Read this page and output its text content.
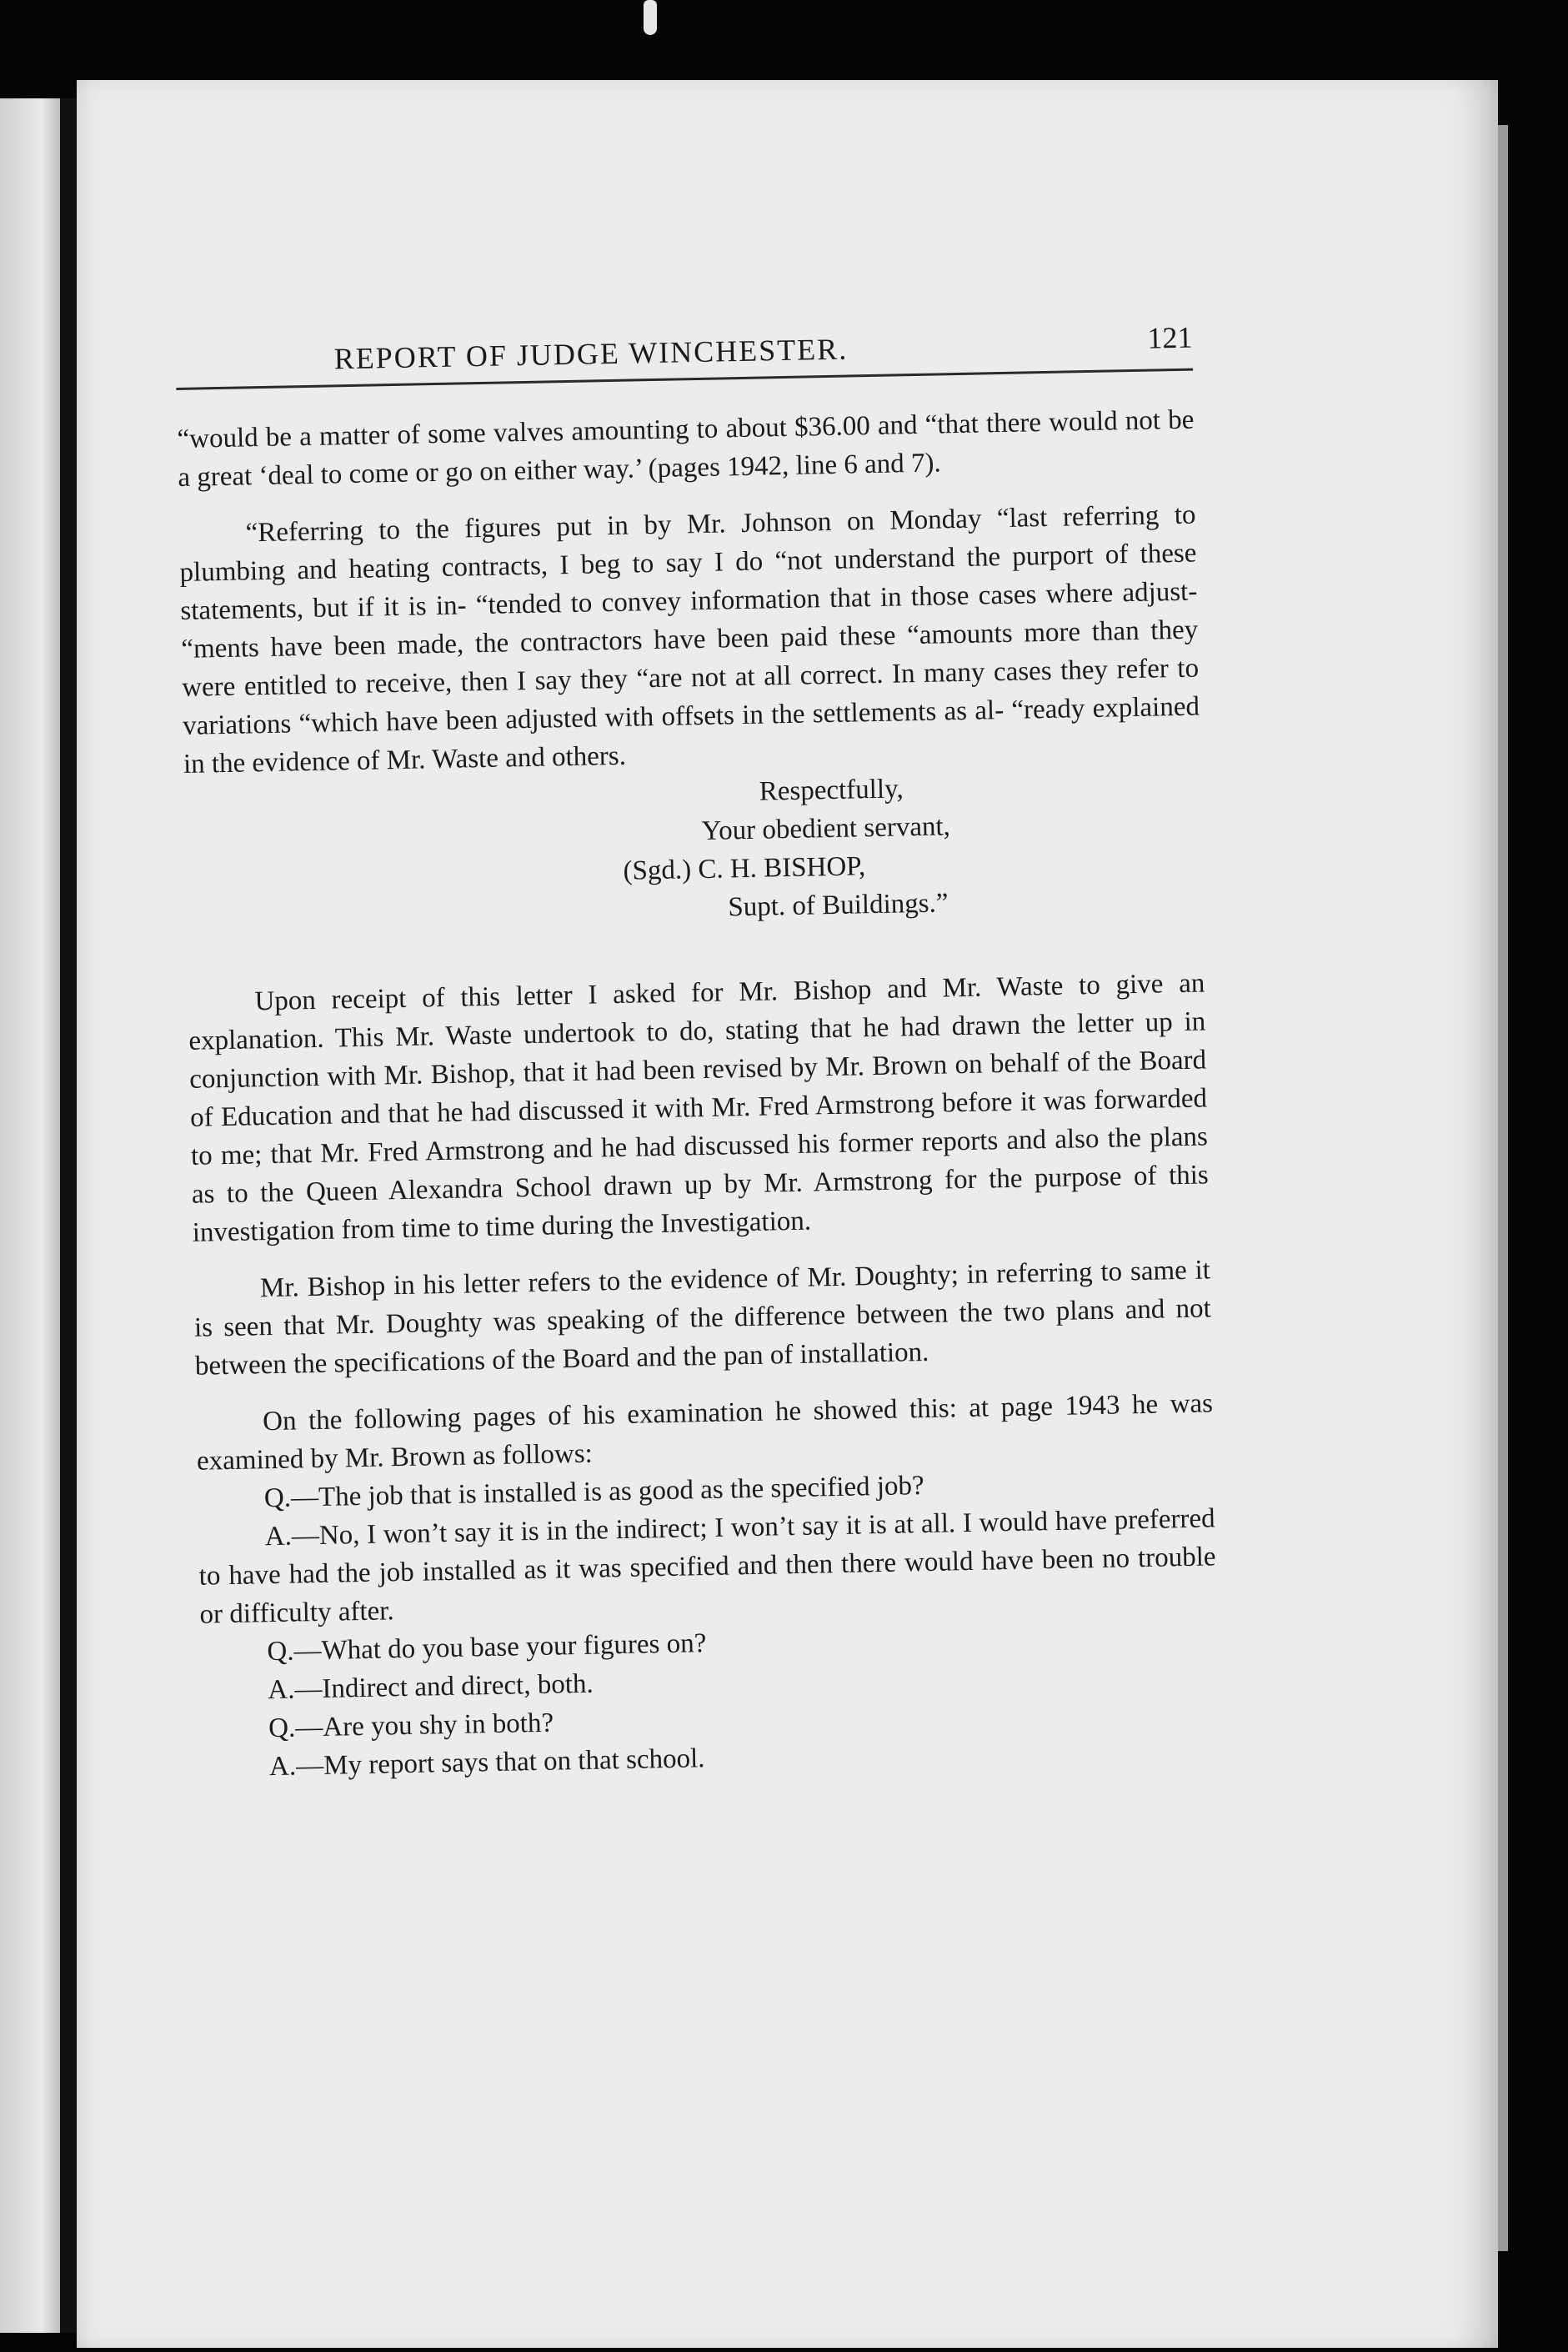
REPORT OF JUDGE WINCHESTER.	121

“would be a matter of some valves amounting to about $36.00 and “that there would not be a great ‘deal to come or go on either way.’ (pages 1942, line 6 and 7).

“Referring to the figures put in by Mr. Johnson on Monday “last referring to plumbing and heating contracts, I beg to say I do “not understand the purport of these statements, but if it is in- “tended to convey information that in those cases where adjust- “ments have been made, the contractors have been paid these “amounts more than they were entitled to receive, then I say they “are not at all correct. In many cases they refer to variations “which have been adjusted with offsets in the settlements as al- “ready explained in the evidence of Mr. Waste and others.

Respectfully,
Your obedient servant,
(Sgd.) C. H. BISHOP,
Supt. of Buildings.”

Upon receipt of this letter I asked for Mr. Bishop and Mr. Waste to give an explanation. This Mr. Waste undertook to do, stating that he had drawn the letter up in conjunction with Mr. Bishop, that it had been revised by Mr. Brown on behalf of the Board of Education and that he had discussed it with Mr. Fred Armstrong before it was forwarded to me; that Mr. Fred Armstrong and he had discussed his former reports and also the plans as to the Queen Alexandra School drawn up by Mr. Armstrong for the purpose of this investigation from time to time during the Investigation.

Mr. Bishop in his letter refers to the evidence of Mr. Doughty; in referring to same it is seen that Mr. Doughty was speaking of the difference between the two plans and not between the specifications of the Board and the pan of installation.

On the following pages of his examination he showed this: at page 1943 he was examined by Mr. Brown as follows:

Q.—The job that is installed is as good as the specified job?

A.—No, I won’t say it is in the indirect; I won’t say it is at all. I would have preferred to have had the job installed as it was specified and then there would have been no trouble or difficulty after.

Q.—What do you base your figures on?

A.—Indirect and direct, both.

Q.—Are you shy in both?

A.—My report says that on that school.
